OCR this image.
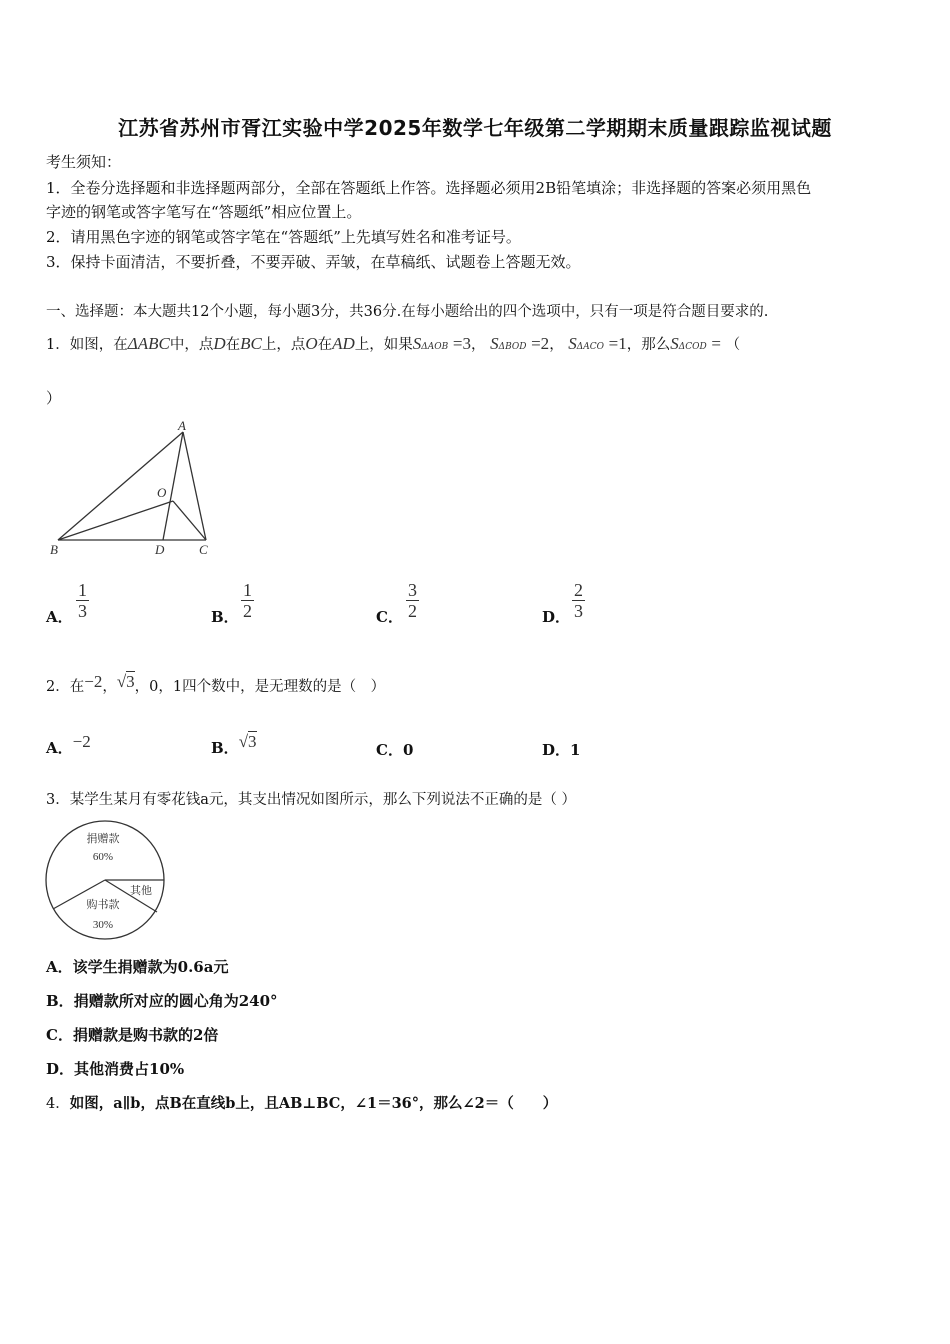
江苏省苏州市胥江实验中学2025年数学七年级第二学期期末质量跟踪监视试题
考生须知：
1．全卷分选择题和非选择题两部分，全部在答题纸上作答。选择题必须用2B铅笔填涂；非选择题的答案必须用黑色
字迹的钢笔或答字笔写在“答题纸”相应位置上。
2．请用黑色字迹的钢笔或答字笔在“答题纸”上先填写姓名和准考证号。
3．保持卡面清洁，不要折叠，不要弄破、弄皱，在草稿纸、试题卷上答题无效。
一、选择题：本大题共12个小题，每小题3分，共36分.在每小题给出的四个选项中，只有一项是符合题目要求的.
1．如图，在ΔABC中，点D在BC上，点O在AD上，如果SΔAOB =3， SΔBOD =2， SΔACO =1，那么SΔCOD = （
）
A
O
B	D	C
A． $\frac{1}{3}$	B． $\frac{1}{2}$	C． $\frac{3}{2}$	D． $\frac{2}{3}$
2．在−2，√3，0，1四个数中，是无理数的是（　）
A．−2	B．√3	C．0	D．1
3．某学生某月有零花钱a元，其支出情况如图所示，那么下列说法不正确的是（ ）
捐赠款
60%
其他
购书款
30%
A．该学生捐赠款为0.6a元
B．捐赠款所对应的圆心角为240°
C．捐赠款是购书款的2倍
D．其他消费占10%
4．如图，a∥b，点B在直线b上，且AB⊥BC，∠1＝36°，那么∠2＝（　　）
